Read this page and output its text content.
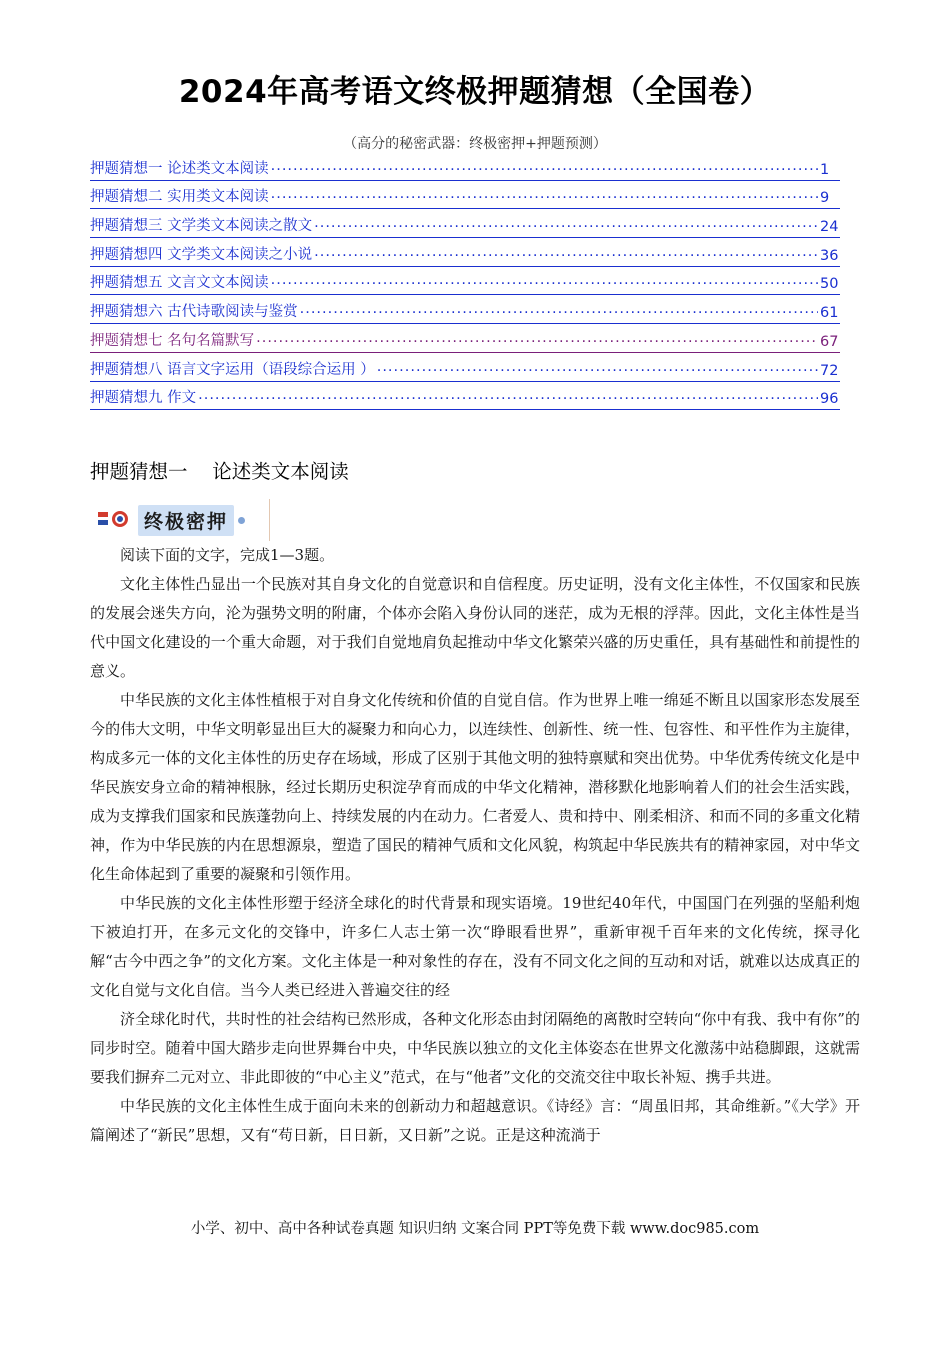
2024年高考语文终极押题猜想（全国卷）
（高分的秘密武器：终极密押+押题预测）
押题猜想一 论述类文本阅读 ·····	1
押题猜想二 实用类文本阅读 ·····	9
押题猜想三 文学类文本阅读之散文 ·····	24
押题猜想四 文学类文本阅读之小说 ·····	36
押题猜想五 文言文文本阅读 ·····	50
押题猜想六 古代诗歌阅读与鉴赏 ·····	61
押题猜想七 名句名篇默写 ·····	67
押题猜想八 语言文字运用（语段综合运用 ） ·····	72
押题猜想九 作文 ·····	96
押题猜想一    论述类文本阅读
终极密押

阅读下面的文字，完成1—3题。

文化主体性凸显出一个民族对其自身文化的自觉意识和自信程度。历史证明，没有文化主体性，不仅国家和民族的发展会迷失方向，沦为强势文明的附庸，个体亦会陷入身份认同的迷茫，成为无根的浮萍。因此，文化主体性是当代中国文化建设的一个重大命题，对于我们自觉地肩负起推动中华文化繁荣兴盛的历史重任，具有基础性和前提性的意义。

中华民族的文化主体性植根于对自身文化传统和价值的自觉自信。作为世界上唯一绵延不断且以国家形态发展至今的伟大文明，中华文明彰显出巨大的凝聚力和向心力，以连续性、创新性、统一性、包容性、和平性作为主旋律，构成多元一体的文化主体性的历史存在场域，形成了区别于其他文明的独特禀赋和突出优势。中华优秀传统文化是中华民族安身立命的精神根脉，经过长期历史积淀孕育而成的中华文化精神，潜移默化地影响着人们的社会生活实践，成为支撑我们国家和民族蓬勃向上、持续发展的内在动力。仁者爱人、贵和持中、刚柔相济、和而不同的多重文化精神，作为中华民族的内在思想源泉，塑造了国民的精神气质和文化风貌，构筑起中华民族共有的精神家园，对中华文化生命体起到了重要的凝聚和引领作用。

中华民族的文化主体性形塑于经济全球化的时代背景和现实语境。19世纪40年代，中国国门在列强的坚船利炮下被迫打开，在多元文化的交锋中，许多仁人志士第一次“睁眼看世界”，重新审视千百年来的文化传统，探寻化解“古今中西之争”的文化方案。文化主体是一种对象性的存在，没有不同文化之间的互动和对话，就难以达成真正的文化自觉与文化自信。当今人类已经进入普遍交往的经

济全球化时代，共时性的社会结构已然形成，各种文化形态由封闭隔绝的离散时空转向“你中有我、我中有你”的同步时空。随着中国大踏步走向世界舞台中央，中华民族以独立的文化主体姿态在世界文化激荡中站稳脚跟，这就需要我们摒弃二元对立、非此即彼的“中心主义”范式，在与“他者”文化的交流交往中取长补短、携手共进。

中华民族的文化主体性生成于面向未来的创新动力和超越意识。《诗经》言：“周虽旧邦，其命维新。”《大学》开篇阐述了“新民”思想，又有“苟日新，日日新，又日新”之说。正是这种流淌于

小学、初中、高中各种试卷真题 知识归纳 文案合同 PPT等免费下载 www.doc985.com
